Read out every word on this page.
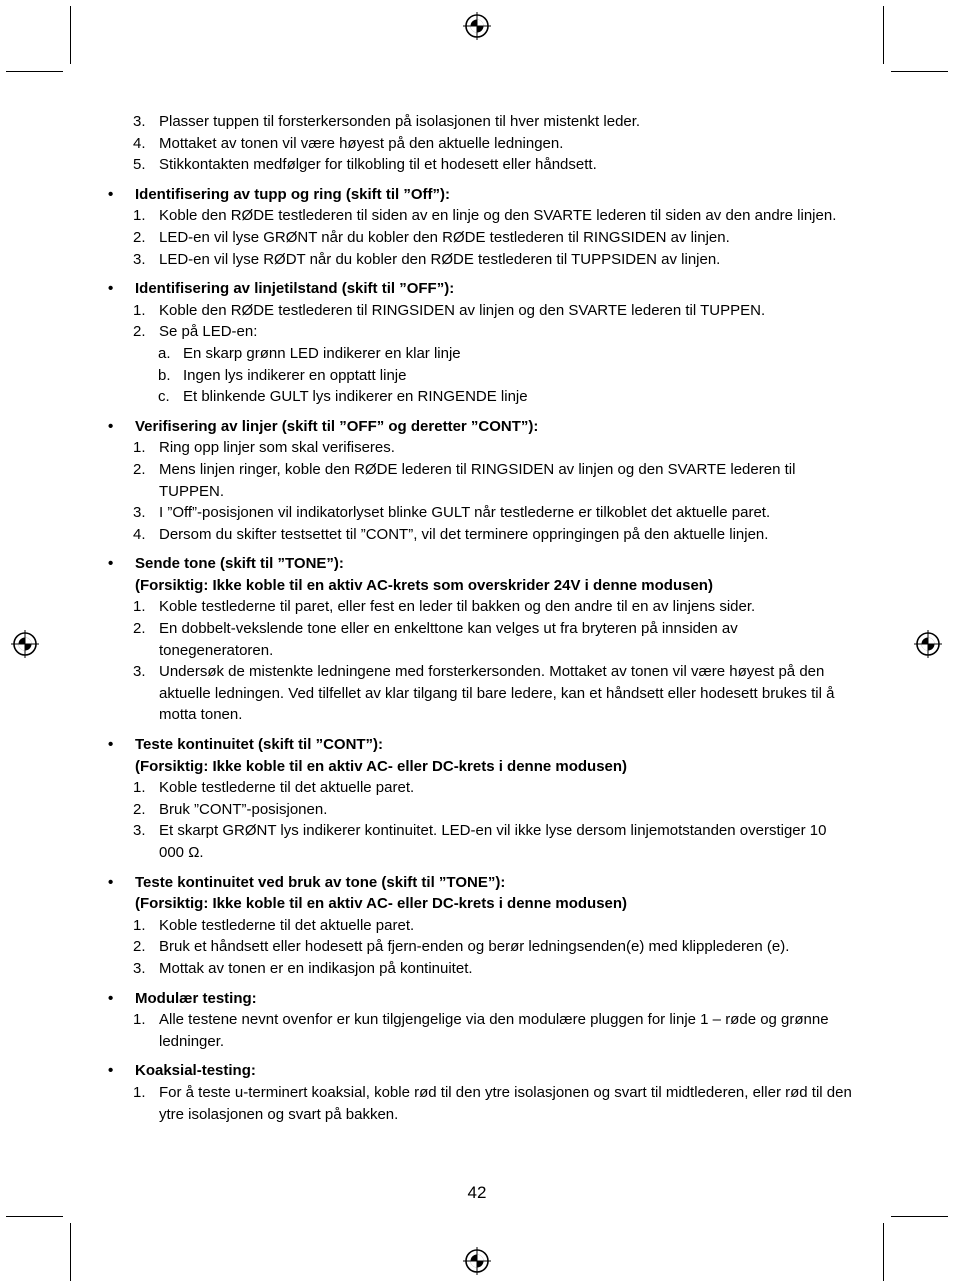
3. Plasser tuppen til forsterkersonden på isolasjonen til hver mistenkt leder.
4. Mottaket av tonen vil være høyest på den aktuelle ledningen.
5. Stikkontakten medfølger for tilkobling til et hodesett eller håndsett.
•	Identifisering av tupp og ring (skift til ”Off”):
1. Koble den RØDE testlederen til siden av en linje og den SVARTE lederen til siden av den andre linjen.
2. LED-en vil lyse GRØNT når du kobler den RØDE testlederen til RINGSIDEN av linjen.
3. LED-en vil lyse RØDT når du kobler den RØDE testlederen til TUPPSIDEN av linjen.
•	Identifisering av linjetilstand (skift til ”OFF”):
1. Koble den RØDE testlederen til RINGSIDEN av linjen og den SVARTE lederen til TUPPEN.
2. Se på LED-en:
a. En skarp grønn LED indikerer en klar linje
b. Ingen lys indikerer en opptatt linje
c. Et blinkende GULT lys indikerer en RINGENDE linje
•	Verifisering av linjer (skift til ”OFF” og deretter ”CONT”):
1. Ring opp linjer som skal verifiseres.
2. Mens linjen ringer, koble den RØDE lederen til RINGSIDEN av linjen og den SVARTE lederen til TUPPEN.
3. I ”Off”-posisjonen vil indikatorlyset blinke GULT når testlederne er tilkoblet det aktuelle paret.
4. Dersom du skifter testsettet til ”CONT”, vil det terminere oppringingen på den aktuelle linjen.
•	Sende tone (skift til ”TONE”):
(Forsiktig: Ikke koble til en aktiv AC-krets som overskrider 24V i denne modusen)
1. Koble testlederne til paret, eller fest en leder til bakken og den andre til en av linjens sider.
2. En dobbelt-vekslende tone eller en enkelttone kan velges ut fra bryteren på innsiden av tonegeneratoren.
3. Undersøk de mistenkte ledningene med forsterkersonden. Mottaket av tonen vil være høyest på den aktuelle ledningen. Ved tilfellet av klar tilgang til bare ledere, kan et håndsett eller hodesett brukes til å motta tonen.
•	Teste kontinuitet (skift til ”CONT”):
(Forsiktig: Ikke koble til en aktiv AC- eller DC-krets i denne modusen)
1. Koble testlederne til det aktuelle paret.
2. Bruk ”CONT”-posisjonen.
3. Et skarpt GRØNT lys indikerer kontinuitet. LED-en vil ikke lyse dersom linjemotstanden overstiger 10 000 Ω.
•	Teste kontinuitet ved bruk av tone (skift til ”TONE”):
(Forsiktig: Ikke koble til en aktiv AC- eller DC-krets i denne modusen)
1. Koble testlederne til det aktuelle paret.
2. Bruk et håndsett eller hodesett på fjern-enden og berør ledningsenden(e) med klipplederen (e).
3. Mottak av tonen er en indikasjon på kontinuitet.
•	Modulær testing:
1. Alle testene nevnt ovenfor er kun tilgjengelige via den modulære pluggen for linje 1 – røde og grønne ledninger.
•	Koaksial-testing:
1. For å teste u-terminert koaksial, koble rød til den ytre isolasjonen og svart til midtlederen, eller rød til den ytre isolasjonen og svart på bakken.
42
